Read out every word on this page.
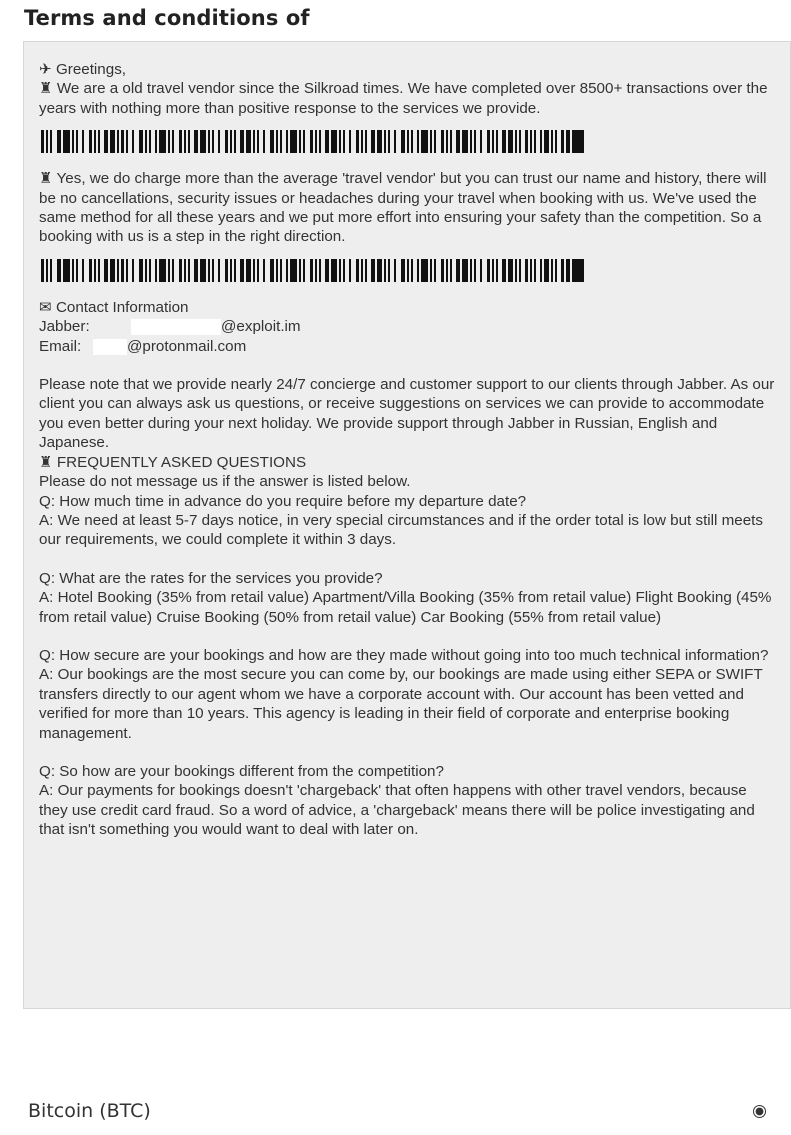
Terms and conditions of

✈ Greetings,

♜ We are a old travel vendor since the Silkroad times. We have completed over 8500+ transactions over the years with nothing more than positive response to the services we provide.

♜ Yes, we do charge more than the average 'travel vendor' but you can trust our name and history, there will be no cancellations, security issues or headaches during your travel when booking with us. We've used the same method for all these years and we put more effort into ensuring your safety than the competition. So a booking with us is a step in the right direction.

✉ Contact Information

Jabber:	@exploit.im
Email:	@protonmail.com

Please note that we provide nearly 24/7 concierge and customer support to our clients through Jabber. As our client you can always ask us questions, or receive suggestions on services we can provide to accommodate you even better during your next holiday. We provide support through Jabber in Russian, English and Japanese.

♜ FREQUENTLY ASKED QUESTIONS

Please do not message us if the answer is listed below.

Q: How much time in advance do you require before my departure date?

A: We need at least 5-7 days notice, in very special circumstances and if the order total is low but still meets our requirements, we could complete it within 3 days.

Q: What are the rates for the services you provide?

A: Hotel Booking (35% from retail value) Apartment/Villa Booking (35% from retail value) Flight Booking (45% from retail value) Cruise Booking (50% from retail value) Car Booking (55% from retail value)

Q: How secure are your bookings and how are they made without going into too much technical information?

A: Our bookings are the most secure you can come by, our bookings are made using either SEPA or SWIFT transfers directly to our agent whom we have a corporate account with. Our account has been vetted and verified for more than 10 years. This agency is leading in their field of corporate and enterprise booking management.

Q: So how are your bookings different from the competition?

A: Our payments for bookings doesn't 'chargeback' that often happens with other travel vendors, because they use credit card fraud. So a word of advice, a 'chargeback' means there will be police investigating and that isn't something you would want to deal with later on.

Bitcoin (BTC)
